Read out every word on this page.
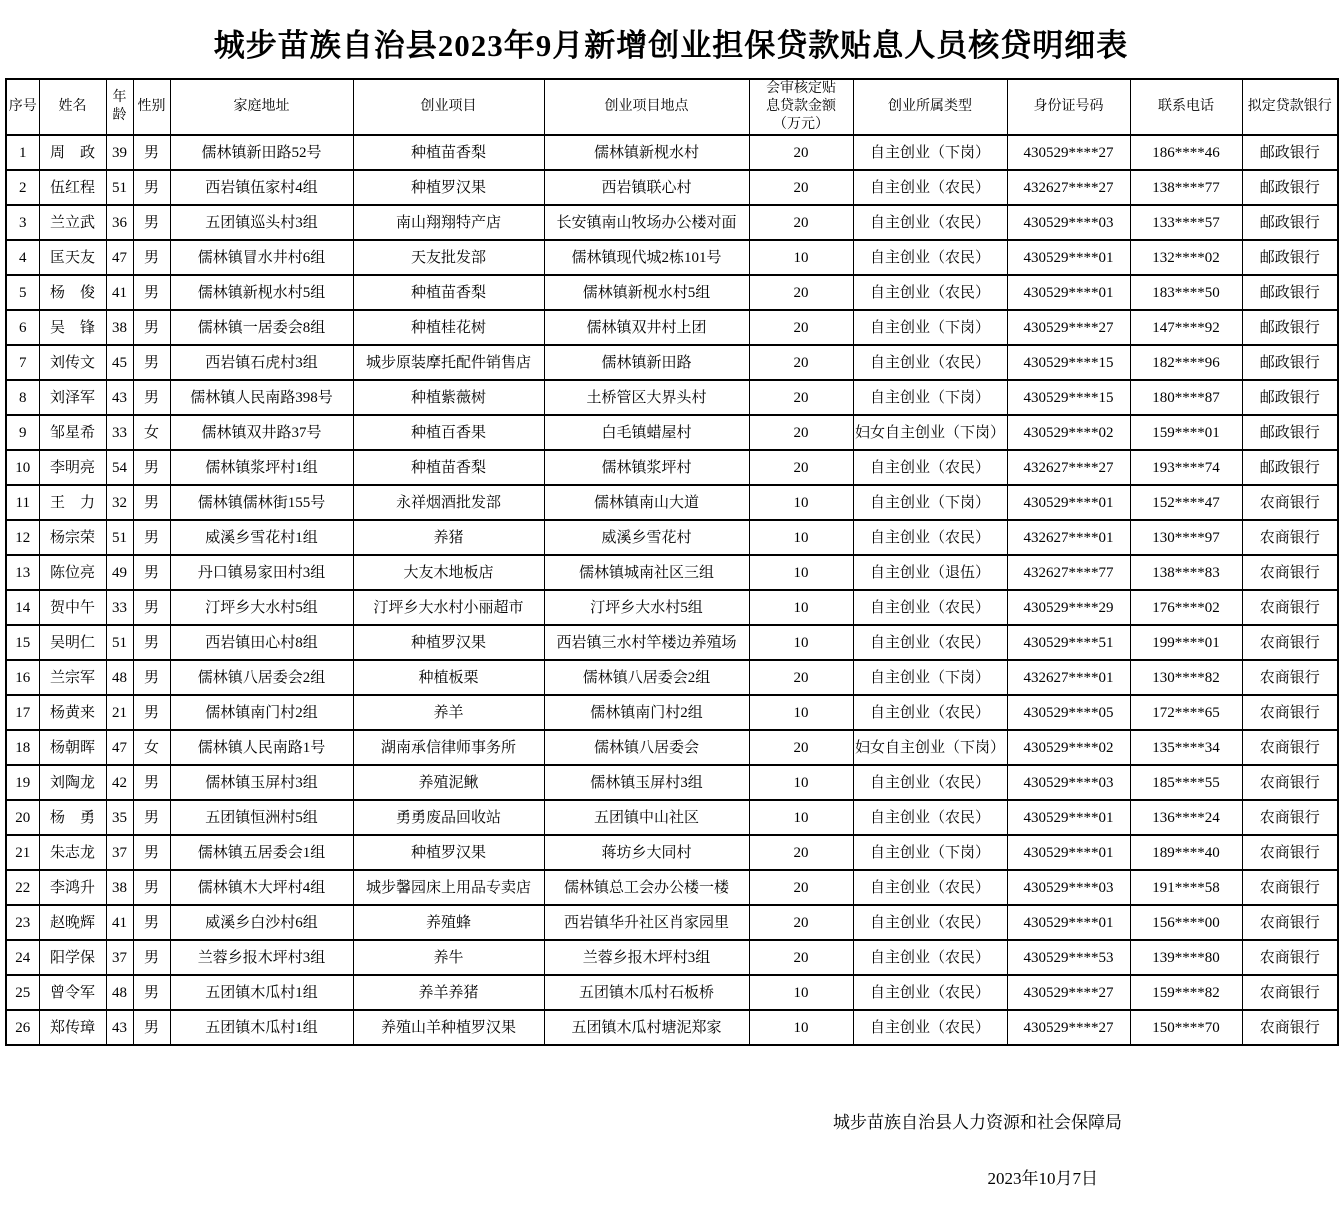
城步苗族自治县2023年9月新增创业担保贷款贴息人员核贷明细表
序号	姓名	年龄	性别	家庭地址	创业项目	创业项目地点	会审核定贴息贷款金额（万元）	创业所属类型	身份证号码	联系电话	拟定贷款银行
1	周　政	39	男	儒林镇新田路52号	种植苗香梨	儒林镇新枧水村	20	自主创业（下岗）	430529****27	186****46	邮政银行
2	伍红程	51	男	西岩镇伍家村4组	种植罗汉果	西岩镇联心村	20	自主创业（农民）	432627****27	138****77	邮政银行
3	兰立武	36	男	五团镇巡头村3组	南山翔翔特产店	长安镇南山牧场办公楼对面	20	自主创业（农民）	430529****03	133****57	邮政银行
4	匡天友	47	男	儒林镇冒水井村6组	天友批发部	儒林镇现代城2栋101号	10	自主创业（农民）	430529****01	132****02	邮政银行
5	杨　俊	41	男	儒林镇新枧水村5组	种植苗香梨	儒林镇新枧水村5组	20	自主创业（农民）	430529****01	183****50	邮政银行
6	吴　锋	38	男	儒林镇一居委会8组	种植桂花树	儒林镇双井村上团	20	自主创业（下岗）	430529****27	147****92	邮政银行
7	刘传文	45	男	西岩镇石虎村3组	城步原装摩托配件销售店	儒林镇新田路	20	自主创业（农民）	430529****15	182****96	邮政银行
8	刘泽军	43	男	儒林镇人民南路398号	种植紫薇树	土桥管区大界头村	20	自主创业（下岗）	430529****15	180****87	邮政银行
9	邹星希	33	女	儒林镇双井路37号	种植百香果	白毛镇蜡屋村	20	妇女自主创业（下岗）	430529****02	159****01	邮政银行
10	李明亮	54	男	儒林镇浆坪村1组	种植苗香梨	儒林镇浆坪村	20	自主创业（农民）	432627****27	193****74	邮政银行
11	王　力	32	男	儒林镇儒林街155号	永祥烟酒批发部	儒林镇南山大道	10	自主创业（下岗）	430529****01	152****47	农商银行
12	杨宗荣	51	男	威溪乡雪花村1组	养猪	威溪乡雪花村	10	自主创业（农民）	432627****01	130****97	农商银行
13	陈位亮	49	男	丹口镇易家田村3组	大友木地板店	儒林镇城南社区三组	10	自主创业（退伍）	432627****77	138****83	农商银行
14	贺中午	33	男	汀坪乡大水村5组	汀坪乡大水村小丽超市	汀坪乡大水村5组	10	自主创业（农民）	430529****29	176****02	农商银行
15	吴明仁	51	男	西岩镇田心村8组	种植罗汉果	西岩镇三水村竿楼边养殖场	10	自主创业（农民）	430529****51	199****01	农商银行
16	兰宗军	48	男	儒林镇八居委会2组	种植板栗	儒林镇八居委会2组	20	自主创业（下岗）	432627****01	130****82	农商银行
17	杨黄来	21	男	儒林镇南门村2组	养羊	儒林镇南门村2组	10	自主创业（农民）	430529****05	172****65	农商银行
18	杨朝晖	47	女	儒林镇人民南路1号	湖南承信律师事务所	儒林镇八居委会	20	妇女自主创业（下岗）	430529****02	135****34	农商银行
19	刘陶龙	42	男	儒林镇玉屏村3组	养殖泥鳅	儒林镇玉屏村3组	10	自主创业（农民）	430529****03	185****55	农商银行
20	杨　勇	35	男	五团镇恒洲村5组	勇勇废品回收站	五团镇中山社区	10	自主创业（农民）	430529****01	136****24	农商银行
21	朱志龙	37	男	儒林镇五居委会1组	种植罗汉果	蒋坊乡大同村	20	自主创业（下岗）	430529****01	189****40	农商银行
22	李鸿升	38	男	儒林镇木大坪村4组	城步馨园床上用品专卖店	儒林镇总工会办公楼一楼	20	自主创业（农民）	430529****03	191****58	农商银行
23	赵晚辉	41	男	威溪乡白沙村6组	养殖蜂	西岩镇华升社区肖家园里	20	自主创业（农民）	430529****01	156****00	农商银行
24	阳学保	37	男	兰蓉乡报木坪村3组	养牛	兰蓉乡报木坪村3组	20	自主创业（农民）	430529****53	139****80	农商银行
25	曾令军	48	男	五团镇木瓜村1组	养羊养猪	五团镇木瓜村石板桥	10	自主创业（农民）	430529****27	159****82	农商银行
26	郑传璋	43	男	五团镇木瓜村1组	养殖山羊种植罗汉果	五团镇木瓜村塘泥郑家	10	自主创业（农民）	430529****27	150****70	农商银行
城步苗族自治县人力资源和社会保障局
2023年10月7日
